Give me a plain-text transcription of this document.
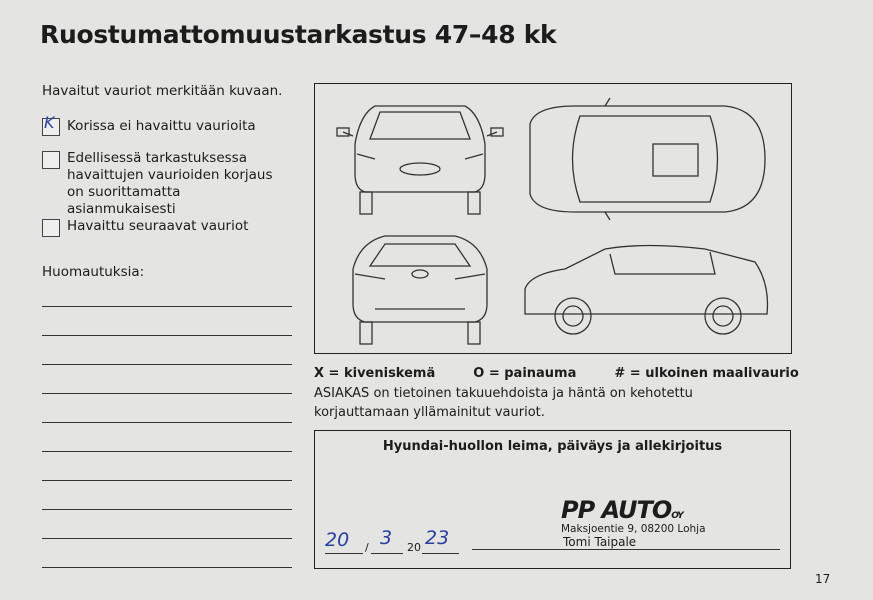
Ruostumattomuustarkastus 47–48 kk
Havaitut vauriot merkitään kuvaan.
K Korissa ei havaittu vaurioita
Edellisessä tarkastuksessa havaittujen vaurioiden korjaus on suorittamatta asianmukaisesti
Havaittu seuraavat vauriot
Huomautuksia:
X = kiveniskemä	O = painauma	# = ulkoinen maalivaurio
ASIAKAS on tietoinen takuuehdoista ja häntä on kehotettu korjauttamaan yllämainitut vauriot.
Hyundai-huollon leima, päiväys ja allekirjoitus
PP AUTOOY
Maksjoentie 9, 08200 Lohja
Tomi Taipale
20 / 3 20 23
17
